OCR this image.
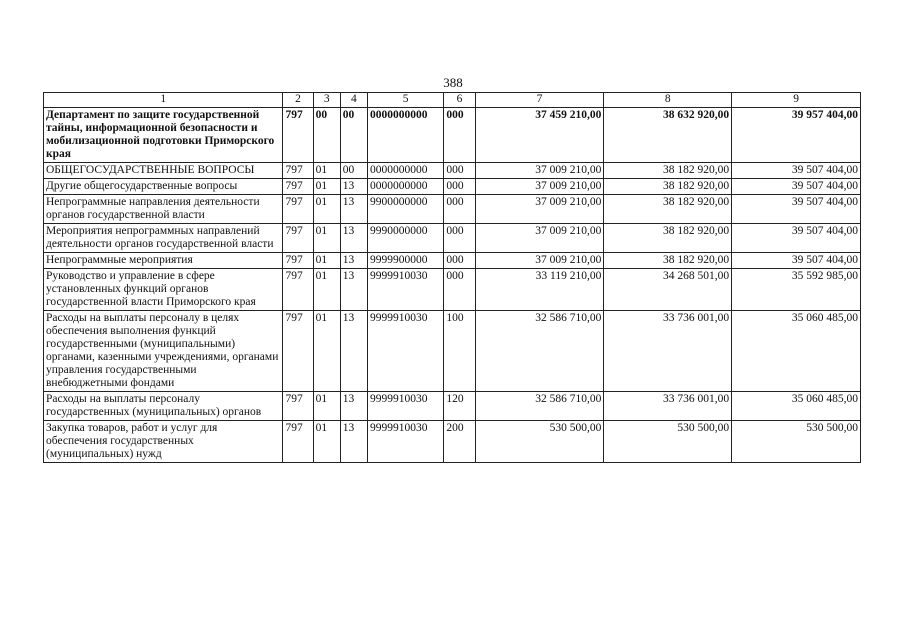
388
1	2	3	4	5	6	7	8	9
Департамент по защите государственной тайны, информационной безопасности и мобилизационной подготовки Приморского края	797	00	00	0000000000	000	37 459 210,00	38 632 920,00	39 957 404,00
ОБЩЕГОСУДАРСТВЕННЫЕ ВОПРОСЫ	797	01	00	0000000000	000	37 009 210,00	38 182 920,00	39 507 404,00
Другие общегосударственные вопросы	797	01	13	0000000000	000	37 009 210,00	38 182 920,00	39 507 404,00
Непрограммные направления деятельности органов государственной власти	797	01	13	9900000000	000	37 009 210,00	38 182 920,00	39 507 404,00
Мероприятия непрограммных направлений деятельности органов государственной власти	797	01	13	9990000000	000	37 009 210,00	38 182 920,00	39 507 404,00
Непрограммные мероприятия	797	01	13	9999900000	000	37 009 210,00	38 182 920,00	39 507 404,00
Руководство и управление в сфере установленных функций органов государственной власти Приморского края	797	01	13	9999910030	000	33 119 210,00	34 268 501,00	35 592 985,00
Расходы на выплаты персоналу в целях обеспечения выполнения функций государственными (муниципальными) органами, казенными учреждениями, органами управления государственными внебюджетными фондами	797	01	13	9999910030	100	32 586 710,00	33 736 001,00	35 060 485,00
Расходы на выплаты персоналу государственных (муниципальных) органов	797	01	13	9999910030	120	32 586 710,00	33 736 001,00	35 060 485,00
Закупка товаров, работ и услуг для обеспечения государственных (муниципальных) нужд	797	01	13	9999910030	200	530 500,00	530 500,00	530 500,00
